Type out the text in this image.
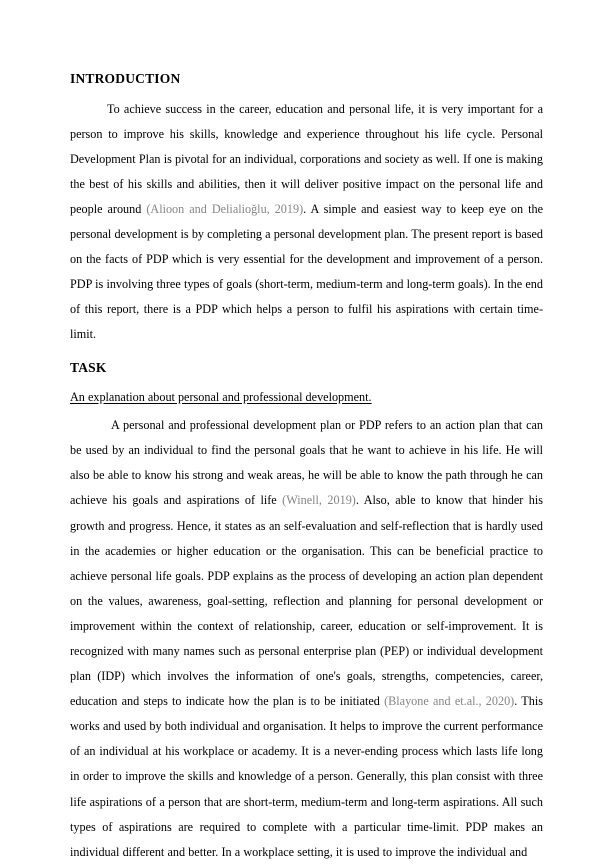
INTRODUCTION

To achieve success in the career, education and personal life, it is very important for a person to improve his skills, knowledge and experience throughout his life cycle. Personal Development Plan is pivotal for an individual, corporations and society as well. If one is making the best of his skills and abilities, then it will deliver positive impact on the personal life and people around (Alioon and Delialioğlu, 2019). A simple and easiest way to keep eye on the personal development is by completing a personal development plan. The present report is based on the facts of PDP which is very essential for the development and improvement of a person. PDP is involving three types of goals (short-term, medium-term and long-term goals). In the end of this report, there is a PDP which helps a person to fulfil his aspirations with certain time-limit.

TASK
An explanation about personal and professional development.

A personal and professional development plan or PDP refers to an action plan that can be used by an individual to find the personal goals that he want to achieve in his life. He will also be able to know his strong and weak areas, he will be able to know the path through he can achieve his goals and aspirations of life (Winell, 2019). Also, able to know that hinder his growth and progress. Hence, it states as an self-evaluation and self-reflection that is hardly used in the academies or higher education or the organisation. This can be beneficial practice to achieve personal life goals. PDP explains as the process of developing an action plan dependent on the values, awareness, goal-setting, reflection and planning for personal development or improvement within the context of relationship, career, education or self-improvement. It is recognized with many names such as personal enterprise plan (PEP) or individual development plan (IDP) which involves the information of one's goals, strengths, competencies, career, education and steps to indicate how the plan is to be initiated (Blayone and et.al., 2020). This works and used by both individual and organisation. It helps to improve the current performance of an individual at his workplace or academy. It is a never-ending process which lasts life long in order to improve the skills and knowledge of a person. Generally, this plan consist with three life aspirations of a person that are short-term, medium-term and long-term aspirations. All such types of aspirations are required to complete with a particular time-limit. PDP makes an individual different and better. In a workplace setting, it is used to improve the individual and
